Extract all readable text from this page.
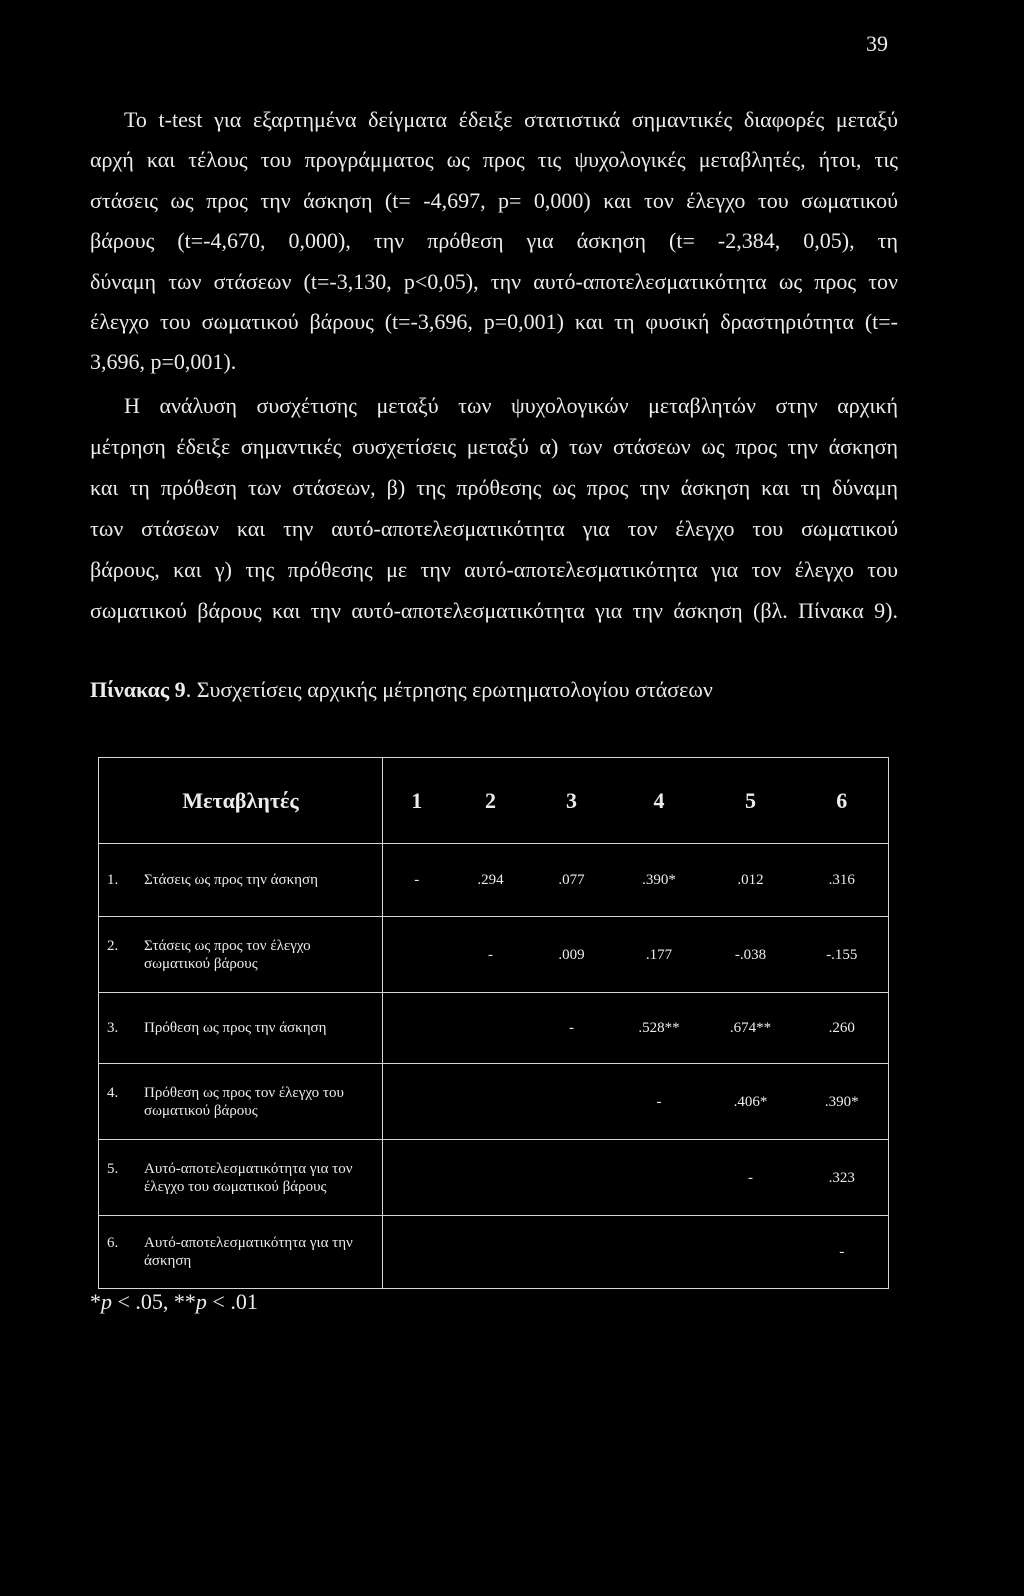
39
Το t-test για εξαρτημένα δείγματα έδειξε στατιστικά σημαντικές διαφορές μεταξύ
αρχή και τέλους του προγράμματος ως προς τις ψυχολογικές μεταβλητές, ήτοι, τις
στάσεις ως προς την άσκηση (t= -4,697, p= 0,000) και τον έλεγχο του σωματικού
βάρους (t=-4,670, 0,000), την πρόθεση για άσκηση (t= -2,384, 0,05), τη
δύναμη των στάσεων (t=-3,130, p<0,05), την αυτό-αποτελεσματικότητα ως προς τον
έλεγχο του σωματικού βάρους (t=-3,696, p=0,001) και τη φυσική δραστηριότητα (t=-
3,696, p=0,001).
Η ανάλυση συσχέτισης μεταξύ των ψυχολογικών μεταβλητών στην αρχική
μέτρηση έδειξε σημαντικές συσχετίσεις μεταξύ α) των στάσεων ως προς την άσκηση
και τη πρόθεση των στάσεων, β) της πρόθεσης ως προς την άσκηση και τη δύναμη
των στάσεων και την αυτό-αποτελεσματικότητα για τον έλεγχο του σωματικού
βάρους, και γ) της πρόθεσης με την αυτό-αποτελεσματικότητα για τον έλεγχο του
σωματικού βάρους και την αυτό-αποτελεσματικότητα για την άσκηση (βλ. Πίνακα 9).
Πίνακας 9. Συσχετίσεις αρχικής μέτρησης ερωτηματολογίου στάσεων
Μεταβλητές	1	2	3	4	5	6

1. Στάσεις ως προς την άσκηση	-	.294	.077	.390*	.012	.316

2. Στάσεις ως προς τον έλεγχο
σωματικού βάρους		-	.009	.177	-.038	-.155

3. Πρόθεση ως προς την άσκηση			-	.528**	.674**	.260

4. Πρόθεση ως προς τον έλεγχο του
σωματικού βάρους				-	.406*	.390*

5. Αυτό-αποτελεσματικότητα για τον
έλεγχο του σωματικού βάρους					-	.323

6. Αυτό-αποτελεσματικότητα για την
άσκηση						-
*p < .05, **p < .01
